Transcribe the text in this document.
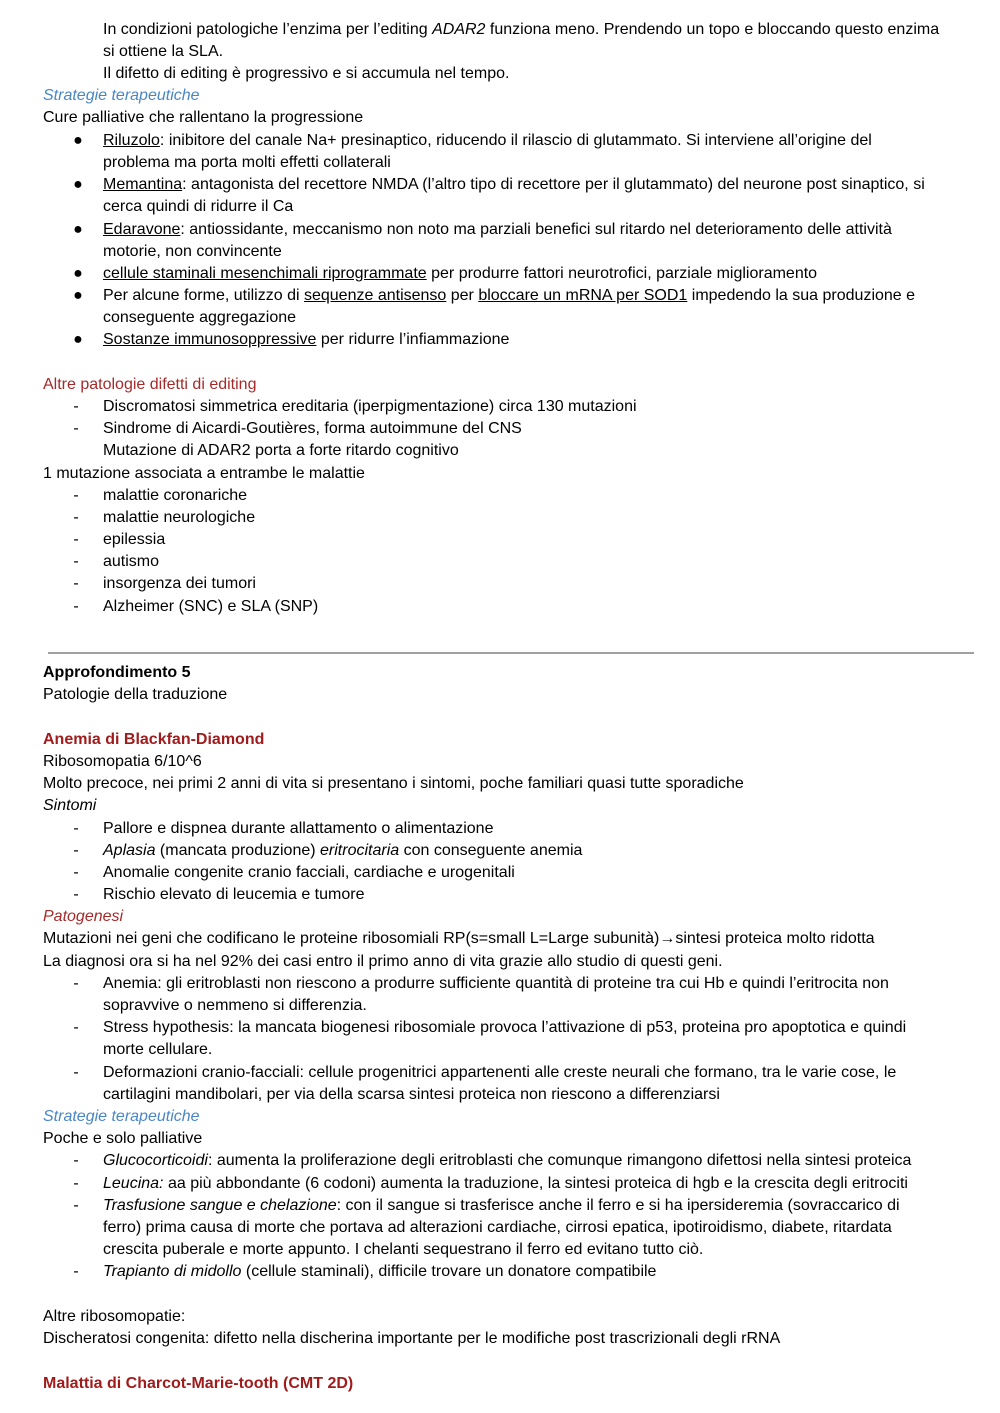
In condizioni patologiche l’enzima per l’editing ADAR2 funziona meno. Prendendo un topo e bloccando questo enzima
si ottiene la SLA.
Il difetto di editing è progressivo e si accumula nel tempo.
Strategie terapeutiche
Cure palliative che rallentano la progressione
●	Riluzolo: inibitore del canale Na+ presinaptico, riducendo il rilascio di glutammato. Si interviene all’origine del
problema ma porta molti effetti collaterali
●	Memantina: antagonista del recettore NMDA (l’altro tipo di recettore per il glutammato) del neurone post sinaptico, si
cerca quindi di ridurre il Ca
●	Edaravone: antiossidante, meccanismo non noto ma parziali benefici sul ritardo nel deterioramento delle attività
motorie, non convincente
●	cellule staminali mesenchimali riprogrammate per produrre fattori neurotrofici, parziale miglioramento
●	Per alcune forme, utilizzo di sequenze antisenso per bloccare un mRNA per SOD1 impedendo la sua produzione e
conseguente aggregazione
●	Sostanze immunosoppressive per ridurre l’infiammazione
Altre patologie difetti di editing
-	Discromatosi simmetrica ereditaria (iperpigmentazione) circa 130 mutazioni
-	Sindrome di Aicardi-Goutières, forma autoimmune del CNS
Mutazione di ADAR2 porta a forte ritardo cognitivo
1 mutazione associata a entrambe le malattie
-	malattie coronariche
-	malattie neurologiche
-	epilessia
-	autismo
-	insorgenza dei tumori
-	Alzheimer (SNC) e SLA (SNP)
Approfondimento 5
Patologie della traduzione
Anemia di Blackfan-Diamond
Ribosomopatia 6/10^6
Molto precoce, nei primi 2 anni di vita si presentano i sintomi, poche familiari quasi tutte sporadiche
Sintomi
-	Pallore e dispnea durante allattamento o alimentazione
-	Aplasia (mancata produzione) eritrocitaria con conseguente anemia
-	Anomalie congenite cranio facciali, cardiache e urogenitali
-	Rischio elevato di leucemia e tumore
Patogenesi
Mutazioni nei geni che codificano le proteine ribosomiali RP(s=small L=Large subunità)→sintesi proteica molto ridotta
La diagnosi ora si ha nel 92% dei casi entro il primo anno di vita grazie allo studio di questi geni.
-	Anemia: gli eritroblasti non riescono a produrre sufficiente quantità di proteine tra cui Hb e quindi l’eritrocita non
sopravvive o nemmeno si differenzia.
-	Stress hypothesis: la mancata biogenesi ribosomiale provoca l’attivazione di p53, proteina pro apoptotica e quindi
morte cellulare.
-	Deformazioni cranio-facciali: cellule progenitrici appartenenti alle creste neurali che formano, tra le varie cose, le
cartilagini mandibolari, per via della scarsa sintesi proteica non riescono a differenziarsi
Strategie terapeutiche
Poche e solo palliative
-	Glucocorticoidi: aumenta la proliferazione degli eritroblasti che comunque rimangono difettosi nella sintesi proteica
-	Leucina: aa più abbondante (6 codoni) aumenta la traduzione, la sintesi proteica di hgb e la crescita degli eritrociti
-	Trasfusione sangue e chelazione: con il sangue si trasferisce anche il ferro e si ha ipersideremia (sovraccarico di
ferro) prima causa di morte che portava ad alterazioni cardiache, cirrosi epatica, ipotiroidismo, diabete, ritardata
crescita puberale e morte appunto. I chelanti sequestrano il ferro ed evitano tutto ciò.
-	Trapianto di midollo (cellule staminali), difficile trovare un donatore compatibile
Altre ribosomopatie:
Discheratosi congenita: difetto nella discherina importante per le modifiche post trascrizionali degli rRNA
Malattia di Charcot-Marie-tooth (CMT 2D)
